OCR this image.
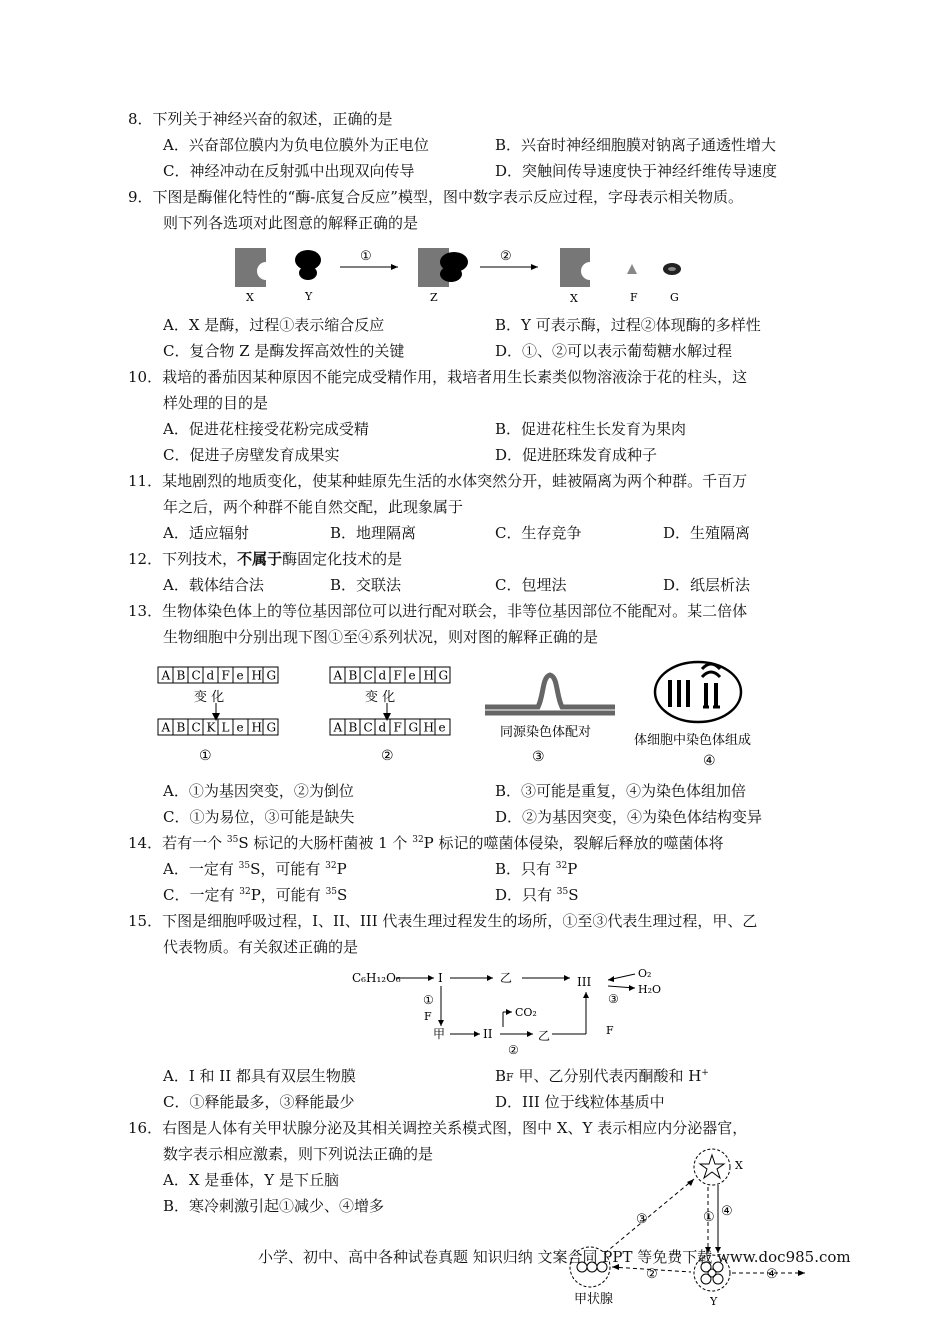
8．下列关于神经兴奋的叙述，正确的是
A．兴奋部位膜内为负电位膜外为正电位	B．兴奋时神经细胞膜对钠离子通透性增大
C．神经冲动在反射弧中出现双向传导	D．突触间传导速度快于神经纤维传导速度
9．下图是酶催化特性的“酶-底复合反应”模型，图中数字表示反应过程，字母表示相关物质。
则下列各选项对此图意的解释正确的是
X	Y	Z	X	F	G
①	②
A．X 是酶，过程①表示缩合反应	B．Y 可表示酶，过程②体现酶的多样性
C．复合物 Z 是酶发挥高效性的关键	D．①、②可以表示葡萄糖水解过程
10．栽培的番茄因某种原因不能完成受精作用，栽培者用生长素类似物溶液涂于花的柱头，这
样处理的目的是
A．促进花柱接受花粉完成受精	B．促进花柱生长发育为果肉
C．促进子房壁发育成果实	D．促进胚珠发育成种子
11．某地剧烈的地质变化，使某种蛙原先生活的水体突然分开，蛙被隔离为两个种群。千百万
年之后，两个种群不能自然交配，此现象属于
A．适应辐射	B．地理隔离	C．生存竞争	D．生殖隔离
12．下列技术，不属于酶固定化技术的是
A．载体结合法	B．交联法	C．包埋法	D．纸层析法
13．生物体染色体上的等位基因部位可以进行配对联会，非等位基因部位不能配对。某二倍体
生物细胞中分别出现下图①至④系列状况，则对图的解释正确的是
A B C d F e H G
A B C K L e H G
A B C d F e H G
A B C d F G H e
变 化
①
变 化
②
同源染色体配对
③
体细胞中染色体组成
④
A．①为基因突变，②为倒位	B．③可能是重复，④为染色体组加倍
C．①为易位，③可能是缺失	D．②为基因突变，④为染色体结构变异
14．若有一个 $^{35}$S 标记的大肠杆菌被 1 个 $^{32}$P 标记的噬菌体侵染，裂解后释放的噬菌体将
A．一定有 $^{35}$S，可能有 $^{32}$P	B．只有 $^{32}$P
C．一定有 $^{32}$P，可能有 $^{35}$S	D．只有 $^{35}$S
15．下图是细胞呼吸过程，I、II、III 代表生理过程发生的场所，①至③代表生理过程，甲、乙
代表物质。有关叙述正确的是
C₆H₁₂O₆	I	乙	III
O₂
H₂O
③
①
F
甲	II
CO₂
乙
②
F
A．I 和 II 都具有双层生物膜	BF 甲、乙分别代表丙酮酸和 H+
C．①释能最多，③释能最少	D．III 位于线粒体基质中
16．右图是人体有关甲状腺分泌及其相关调控关系模式图，图中 X、Y 表示相应内分泌器官，
数字表示相应激素，则下列说法正确的是
A．X 是垂体，Y 是下丘脑
B．寒冷刺激引起①减少、④增多
X
Y
甲状腺
③	① ④
②	④
小学、初中、高中各种试卷真题 知识归纳 文案合同 PPT 等免费下载 www.doc985.com
